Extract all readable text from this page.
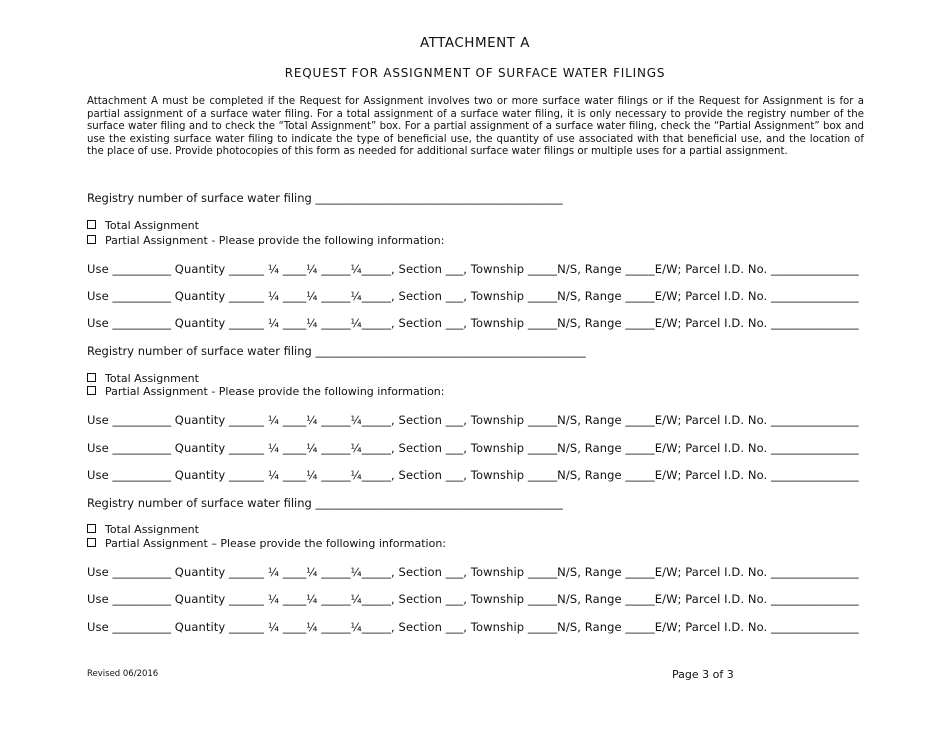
ATTACHMENT A
REQUEST FOR ASSIGNMENT OF SURFACE WATER FILINGS
Attachment A must be completed if the Request for Assignment involves two or more surface water filings or if the Request for Assignment is for a partial assignment of a surface water filing. For a total assignment of a surface water filing, it is only necessary to provide the registry number of the surface water filing and to check the “Total Assignment” box. For a partial assignment of a surface water filing, check the “Partial Assignment” box and use the existing surface water filing to indicate the type of beneficial use, the quantity of use associated with that beneficial use, and the location of the place of use. Provide photocopies of this form as needed for additional surface water filings or multiple uses for a partial assignment.
Registry number of surface water filing ___________________________________________
Total Assignment
Partial Assignment - Please provide the following information:
Use __________ Quantity ______ ¼ ____¼ _____¼_____, Section ___, Township _____N/S, Range _____E/W; Parcel I.D. No. _______________
Use __________ Quantity ______ ¼ ____¼ _____¼_____, Section ___, Township _____N/S, Range _____E/W; Parcel I.D. No. _______________
Use __________ Quantity ______ ¼ ____¼ _____¼_____, Section ___, Township _____N/S, Range _____E/W; Parcel I.D. No. _______________
Registry number of surface water filing _______________________________________________
Total Assignment
Partial Assignment - Please provide the following information:
Use __________ Quantity ______ ¼ ____¼ _____¼_____, Section ___, Township _____N/S, Range _____E/W; Parcel I.D. No. _______________
Use __________ Quantity ______ ¼ ____¼ _____¼_____, Section ___, Township _____N/S, Range _____E/W; Parcel I.D. No. _______________
Use __________ Quantity ______ ¼ ____¼ _____¼_____, Section ___, Township _____N/S, Range _____E/W; Parcel I.D. No. _______________
Registry number of surface water filing ___________________________________________
Total Assignment
Partial Assignment – Please provide the following information:
Use __________ Quantity ______ ¼ ____¼ _____¼_____, Section ___, Township _____N/S, Range _____E/W; Parcel I.D. No. _______________
Use __________ Quantity ______ ¼ ____¼ _____¼_____, Section ___, Township _____N/S, Range _____E/W; Parcel I.D. No. _______________
Use __________ Quantity ______ ¼ ____¼ _____¼_____, Section ___, Township _____N/S, Range _____E/W; Parcel I.D. No. _______________
Revised 06/2016	Page 3 of 3
